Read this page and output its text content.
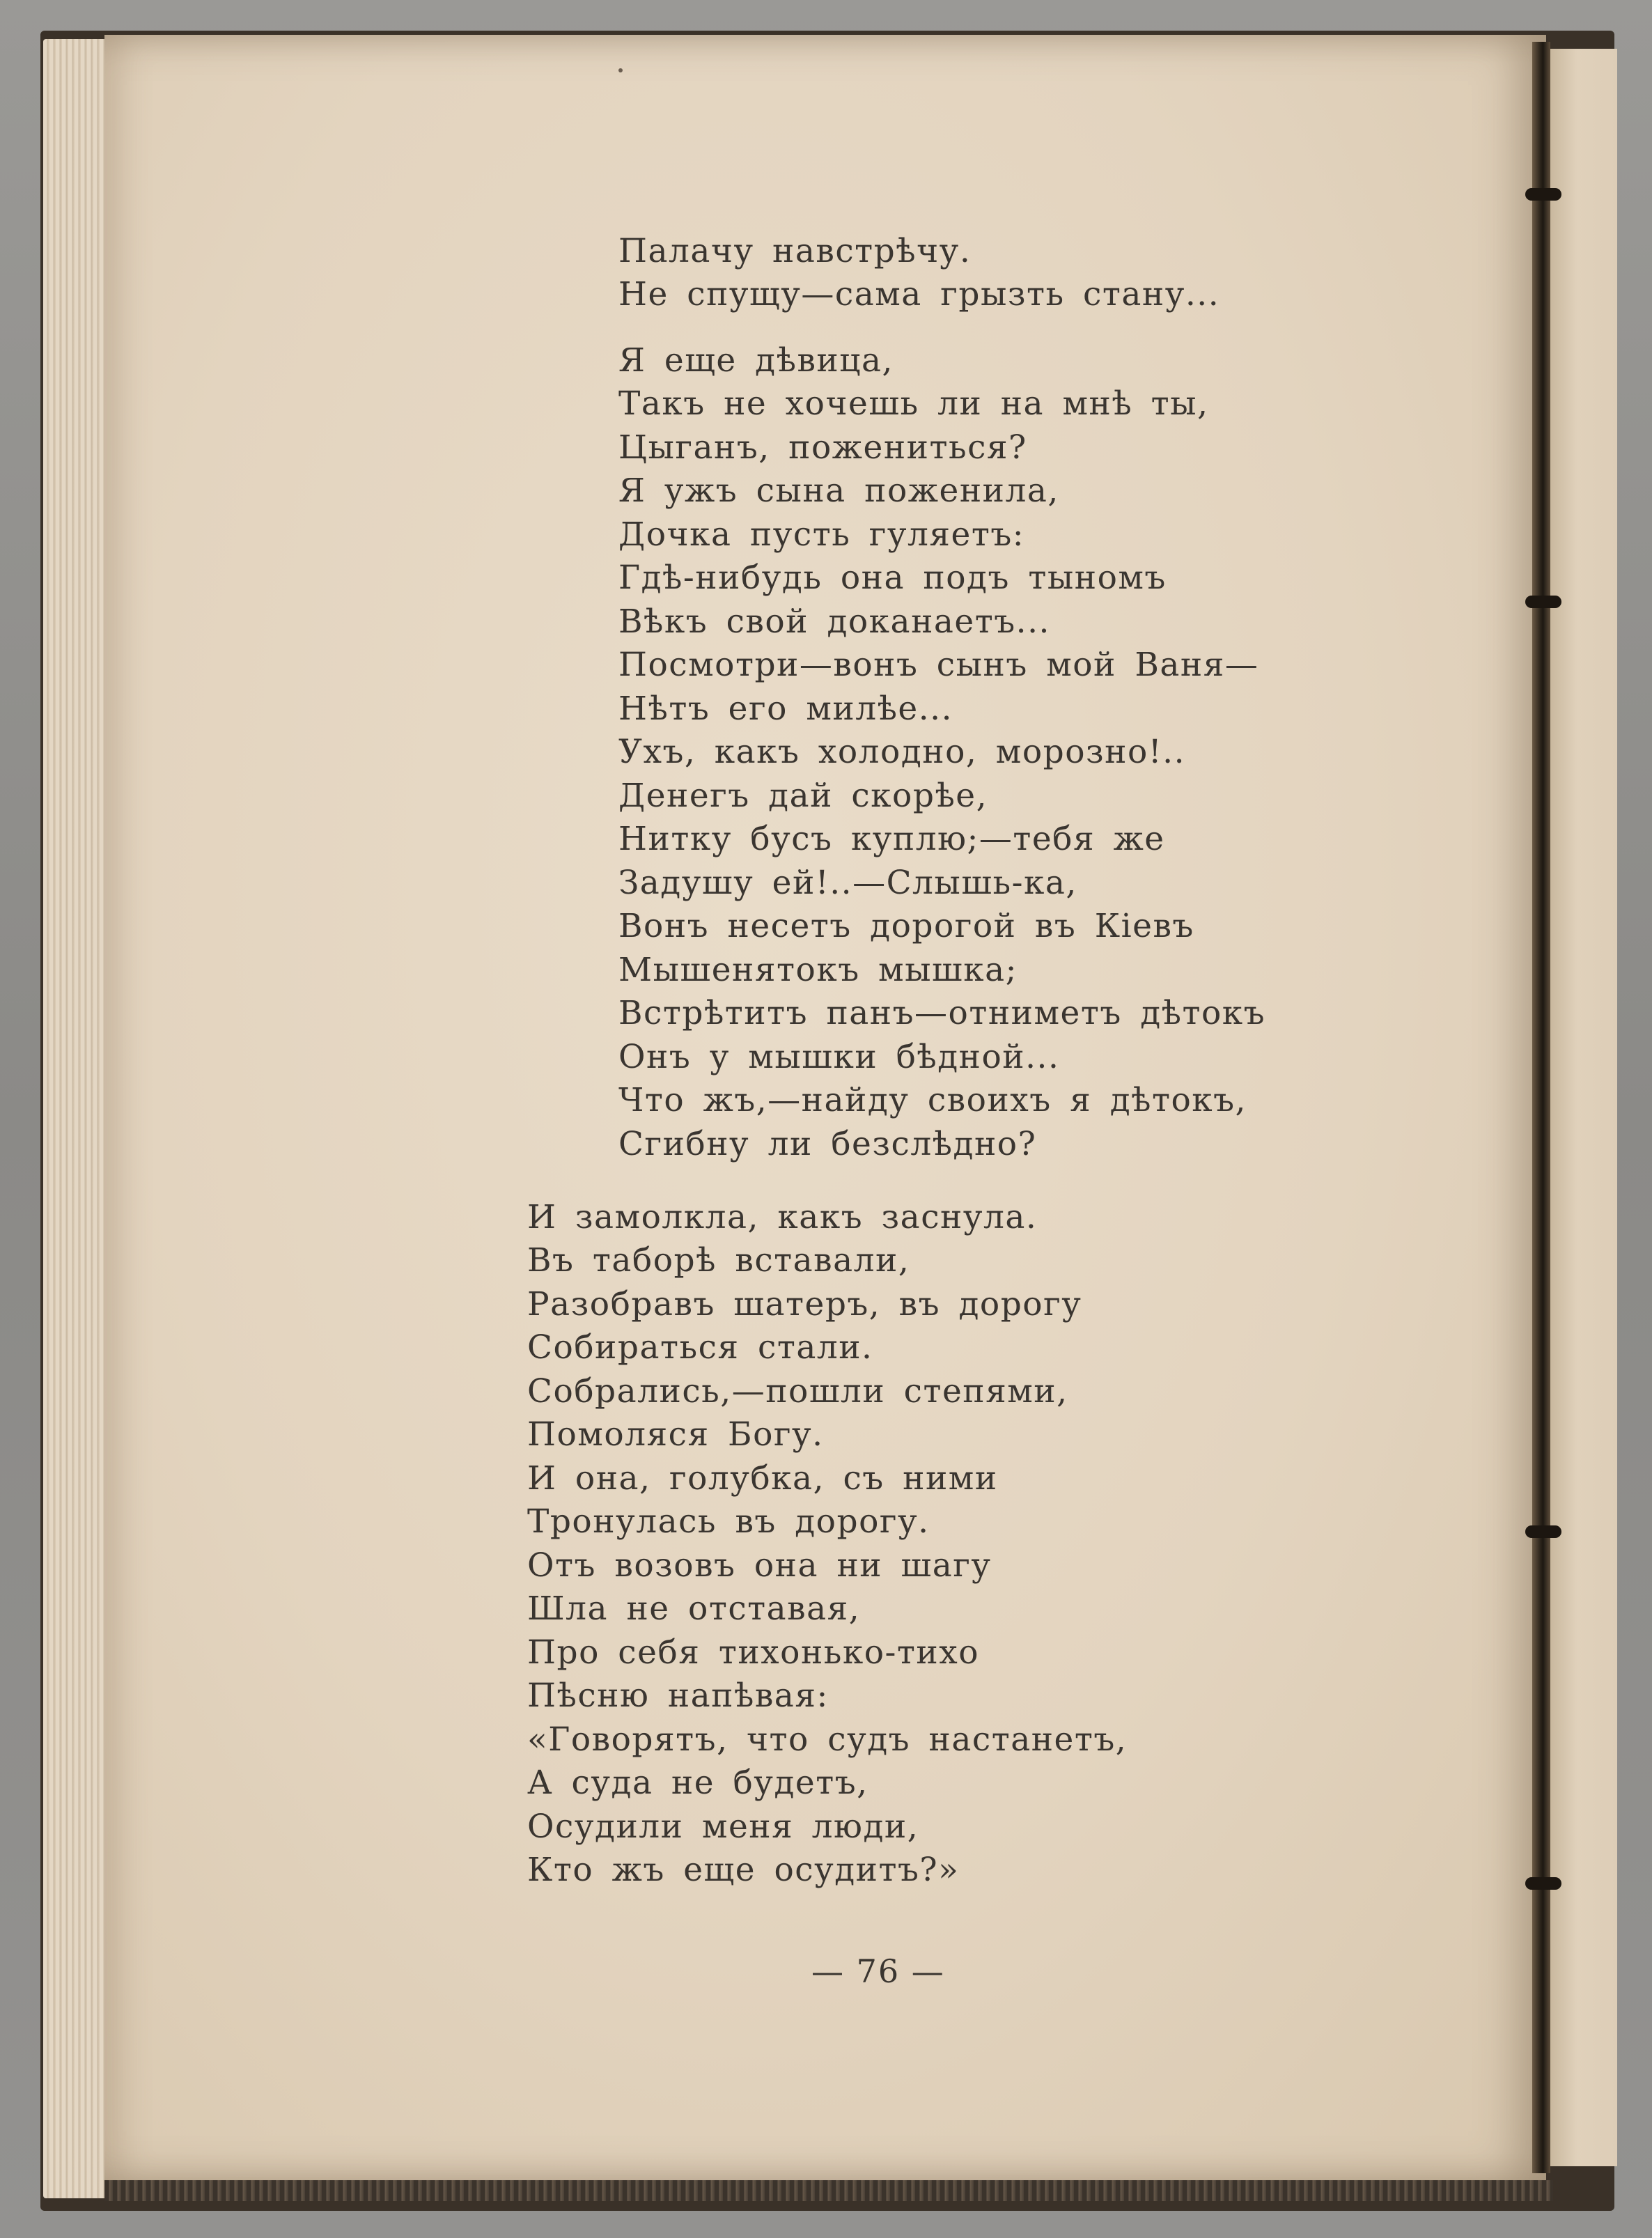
Палачу навстрѣчу.

Не спущу—сама грызть стану...

Я еще дѣвица,

Такъ не хочешь ли на мнѣ ты,

Цыганъ, пожениться?

Я ужъ сына поженила,

Дочка пусть гуляетъ:

Гдѣ-нибудь она подъ тыномъ

Вѣкъ свой доканаетъ...

Посмотри—вонъ сынъ мой Ваня—

Нѣтъ его милѣе...

Ухъ, какъ холодно, морозно!..

Денегъ дай скорѣе,

Нитку бусъ куплю;—тебя же

Задушу ей!..—Слышь-ка,

Вонъ несетъ дорогой въ Кіевъ

Мышенятокъ мышка;

Встрѣтитъ панъ—отниметъ дѣтокъ

Онъ у мышки бѣдной...

Что жъ,—найду своихъ я дѣтокъ,

Сгибну ли безслѣдно?

И замолкла, какъ заснула.

Въ таборѣ вставали,

Разобравъ шатеръ, въ дорогу

Собираться стали.

Собрались,—пошли степями,

Помоляся Богу.

И она, голубка, съ ними

Тронулась въ дорогу.

Отъ возовъ она ни шагу

Шла не отставая,

Про себя тихонько-тихо

Пѣсню напѣвая:

«Говорятъ, что судъ настанетъ,

А суда не будетъ,

Осудили меня люди,

Кто жъ еще осудитъ?»

— 76 —
